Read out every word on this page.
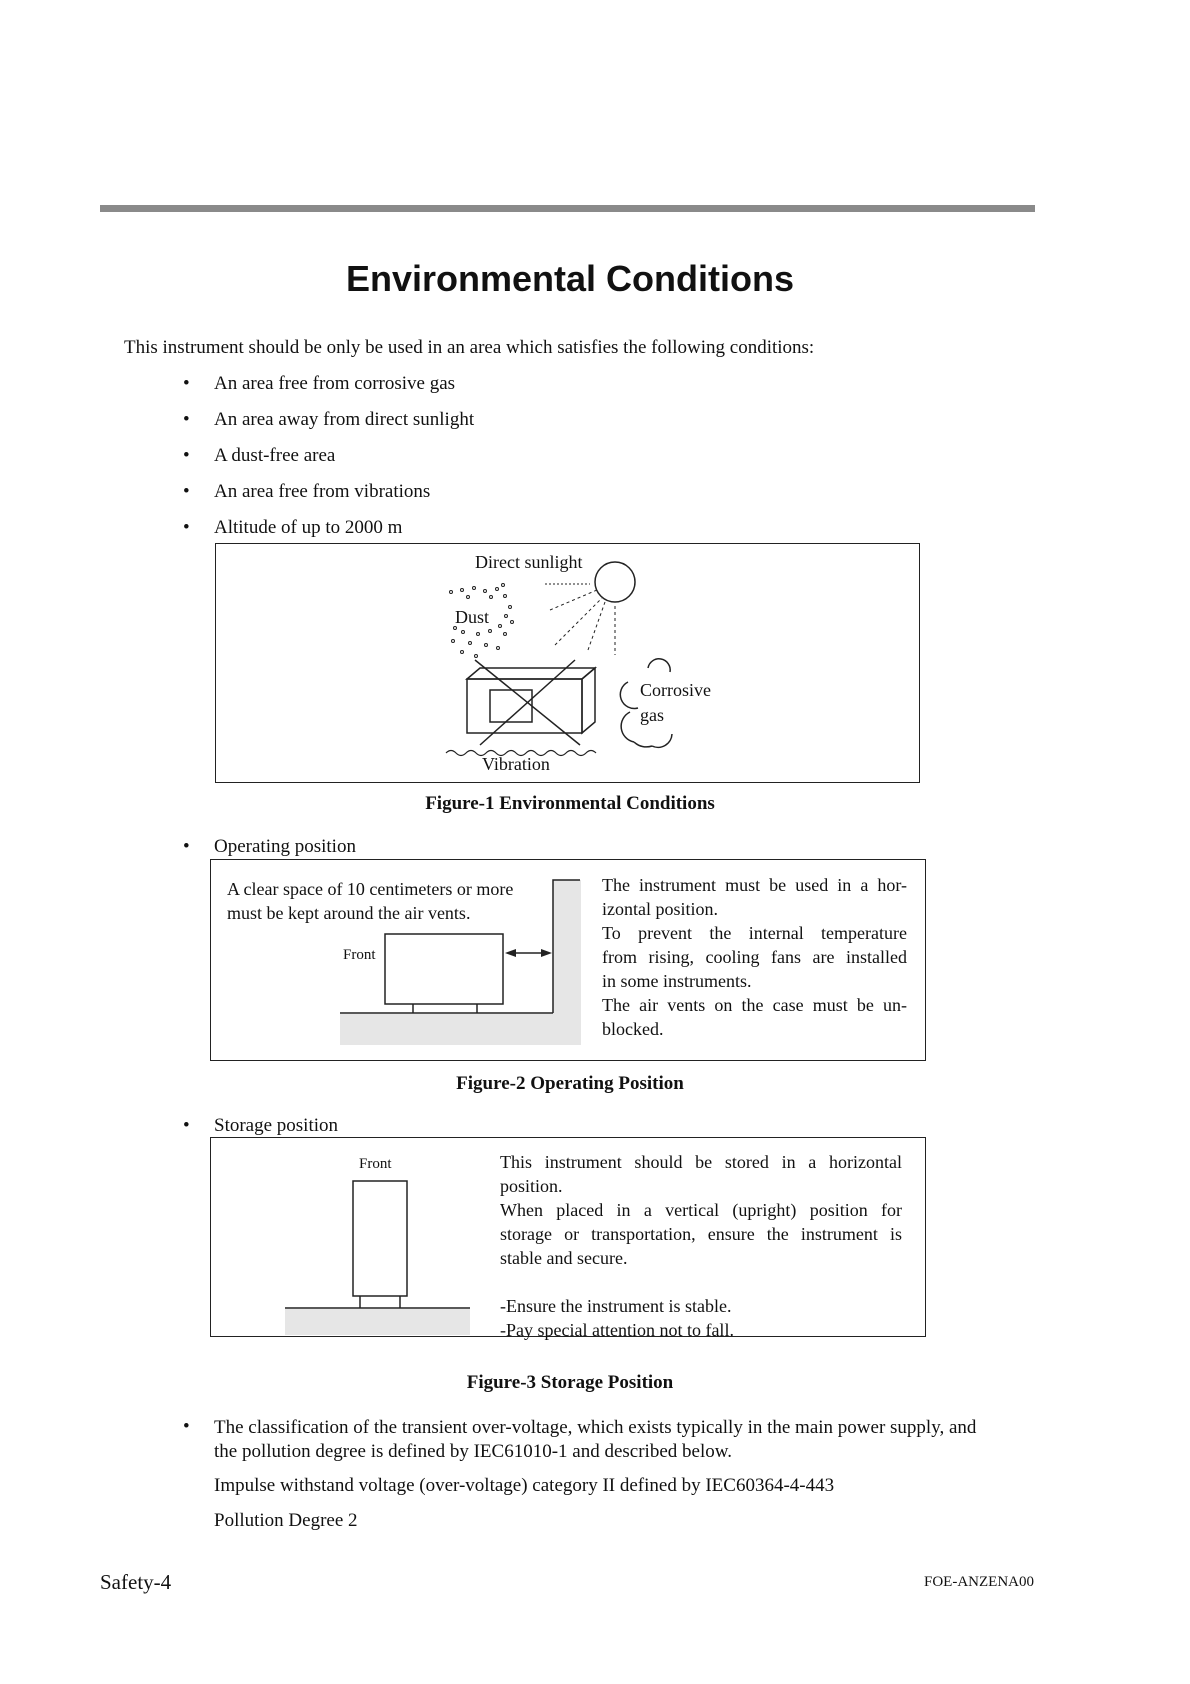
Environmental Conditions
This instrument should be only be used in an area which satisfies the following conditions:
• An area free from corrosive gas
• An area away from direct sunlight
• A dust-free area
• An area free from vibrations
• Altitude of up to 2000 m
Direct sunlight
Dust
Corrosive
gas
Vibration
Figure-1 Environmental Conditions
• Operating position
A clear space of 10 centimeters or more
must be kept around the air vents.
Front
The instrument must be used in a hor-
izontal position.
To prevent the internal temperature
from rising, cooling fans are installed
in some instruments.
The air vents on the case must be un-
blocked.
Figure-2 Operating Position
• Storage position
Front	This instrument should be stored in a horizontal
position.
When placed in a vertical (upright) position for
storage or transportation, ensure the instrument is
stable and secure.
-Ensure the instrument is stable.
-Pay special attention not to fall.
Figure-3 Storage Position
• The classification of the transient over-voltage, which exists typically in the main power supply, and
the pollution degree is defined by IEC61010-1 and described below.
Impulse withstand voltage (over-voltage) category II defined by IEC60364-4-443
Pollution Degree 2
Safety-4	FOE-ANZENA00
